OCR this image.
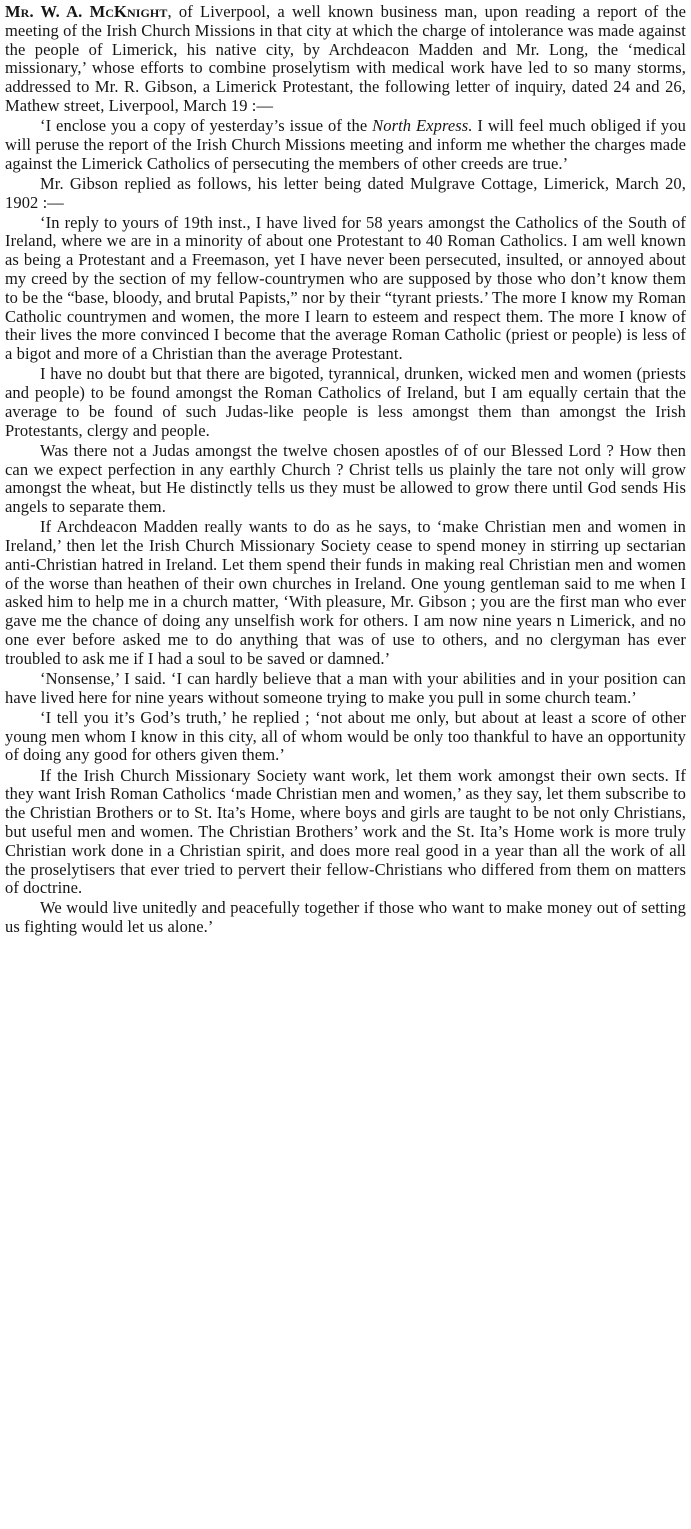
Mr. W. A. McKnight, of Liverpool, a well known business man, upon reading a report of the meeting of the Irish Church Missions in that city at which the charge of intolerance was made against the people of Limerick, his native city, by Archdeacon Madden and Mr. Long, the ‘medical missionary,’ whose efforts to combine proselytism with medical work have led to so many storms, addressed to Mr. R. Gibson, a Limerick Protestant, the following letter of inquiry, dated 24 and 26, Mathew street, Liverpool, March 19 :—

‘I enclose you a copy of yesterday’s issue of the North Express. I will feel much obliged if you will peruse the report of the Irish Church Missions meeting and inform me whether the charges made against the Limerick Catholics of persecuting the members of other creeds are true.’

Mr. Gibson replied as follows, his letter being dated Mulgrave Cottage, Limerick, March 20, 1902 :—

‘In reply to yours of 19th inst., I have lived for 58 years amongst the Catholics of the South of Ireland, where we are in a minority of about one Protestant to 40 Roman Catholics. I am well known as being a Protestant and a Freemason, yet I have never been persecuted, insulted, or annoyed about my creed by the section of my fellow-countrymen who are supposed by those who don’t know them to be the “base, bloody, and brutal Papists,” nor by their “tyrant priests.’ The more I know my Roman Catholic countrymen and women, the more I learn to esteem and respect them. The more I know of their lives the more convinced I become that the average Roman Catholic (priest or people) is less of a bigot and more of a Christian than the average Protestant.

I have no doubt but that there are bigoted, tyrannical, drunken, wicked men and women (priests and people) to be found amongst the Roman Catholics of Ireland, but I am equally certain that the average to be found of such Judas-like people is less amongst them than amongst the Irish Protestants, clergy and people.

Was there not a Judas amongst the twelve chosen apostles of of our Blessed Lord ? How then can we expect perfection in any earthly Church ? Christ tells us plainly the tare not only will grow amongst the wheat, but He distinctly tells us they must be allowed to grow there until God sends His angels to separate them.

If Archdeacon Madden really wants to do as he says, to ‘make Christian men and women in Ireland,’ then let the Irish Church Missionary Society cease to spend money in stirring up sectarian anti-Christian hatred in Ireland. Let them spend their funds in making real Christian men and women of the worse than heathen of their own churches in Ireland. One young gentleman said to me when I asked him to help me in a church matter, ‘With pleasure, Mr. Gibson ; you are the first man who ever gave me the chance of doing any unselfish work for others. I am now nine years n Limerick, and no one ever before asked me to do anything that was of use to others, and no clergyman has ever troubled to ask me if I had a soul to be saved or damned.’

‘Nonsense,’ I said. ‘I can hardly believe that a man with your abilities and in your position can have lived here for nine years without someone trying to make you pull in some church team.’

‘I tell you it’s God’s truth,’ he replied ; ‘not about me only, but about at least a score of other young men whom I know in this city, all of whom would be only too thankful to have an opportunity of doing any good for others given them.’

If the Irish Church Missionary Society want work, let them work amongst their own sects. If they want Irish Roman Catholics ‘made Christian men and women,’ as they say, let them subscribe to the Christian Brothers or to St. Ita’s Home, where boys and girls are taught to be not only Christians, but useful men and women. The Christian Brothers’ work and the St. Ita’s Home work is more truly Christian work done in a Christian spirit, and does more real good in a year than all the work of all the proselytisers that ever tried to pervert their fellow-Christians who differed from them on matters of doctrine.

We would live unitedly and peacefully together if those who want to make money out of setting us fighting would let us alone.’
